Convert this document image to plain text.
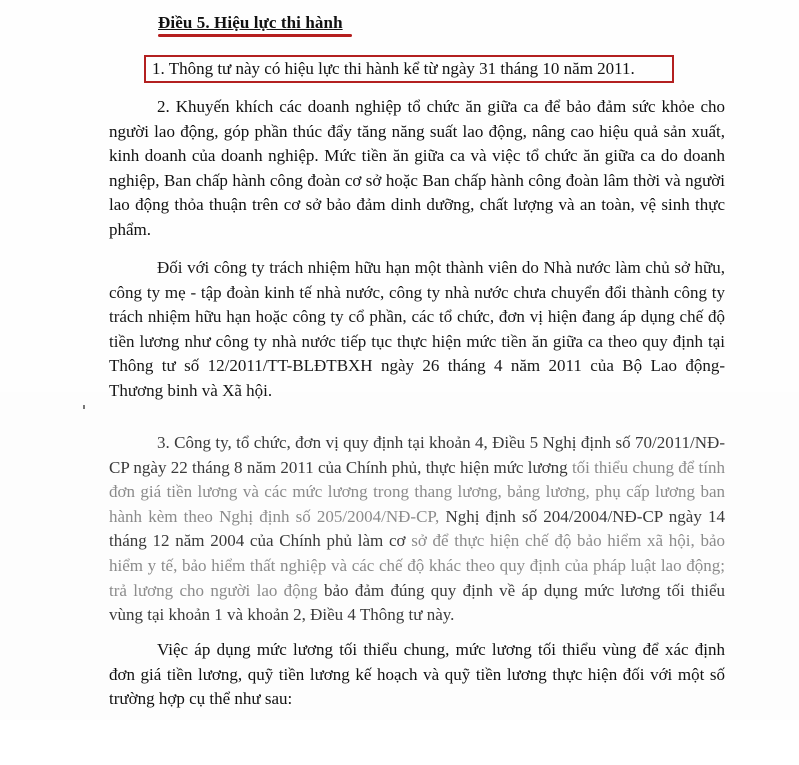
Điều 5. Hiệu lực thi hành
1. Thông tư này có hiệu lực thi hành kể từ ngày 31 tháng 10 năm 2011.

2. Khuyến khích các doanh nghiệp tổ chức ăn giữa ca để bảo đảm sức khỏe cho người lao động, góp phần thúc đẩy tăng năng suất lao động, nâng cao hiệu quả sản xuất, kinh doanh của doanh nghiệp. Mức tiền ăn giữa ca và việc tổ chức ăn giữa ca do doanh nghiệp, Ban chấp hành công đoàn cơ sở hoặc Ban chấp hành công đoàn lâm thời và người lao động thỏa thuận trên cơ sở bảo đảm dinh dưỡng, chất lượng và an toàn, vệ sinh thực phẩm.

Đối với công ty trách nhiệm hữu hạn một thành viên do Nhà nước làm chủ sở hữu, công ty mẹ - tập đoàn kinh tế nhà nước, công ty nhà nước chưa chuyển đổi thành công ty trách nhiệm hữu hạn hoặc công ty cổ phần, các tổ chức, đơn vị hiện đang áp dụng chế độ tiền lương như công ty nhà nước tiếp tục thực hiện mức tiền ăn giữa ca theo quy định tại Thông tư số 12/2011/TT-BLĐTBXH ngày 26 tháng 4 năm 2011 của Bộ Lao động-Thương binh và Xã hội.

3. Công ty, tổ chức, đơn vị quy định tại khoản 4, Điều 5 Nghị định số 70/2011/NĐ-CP ngày 22 tháng 8 năm 2011 của Chính phủ, thực hiện mức lương tối thiểu chung để tính đơn giá tiền lương và các mức lương trong thang lương, bảng lương, phụ cấp lương ban hành kèm theo Nghị định số 205/2004/NĐ-CP, Nghị định số 204/2004/NĐ-CP ngày 14 tháng 12 năm 2004 của Chính phủ làm cơ sở để thực hiện chế độ bảo hiểm xã hội, bảo hiểm y tế, bảo hiểm thất nghiệp và các chế độ khác theo quy định của pháp luật lao động; trả lương cho người lao động bảo đảm đúng quy định về áp dụng mức lương tối thiểu vùng tại khoản 1 và khoản 2, Điều 4 Thông tư này.

Việc áp dụng mức lương tối thiểu chung, mức lương tối thiểu vùng để xác định đơn giá tiền lương, quỹ tiền lương kế hoạch và quỹ tiền lương thực hiện đối với một số trường hợp cụ thể như sau:
